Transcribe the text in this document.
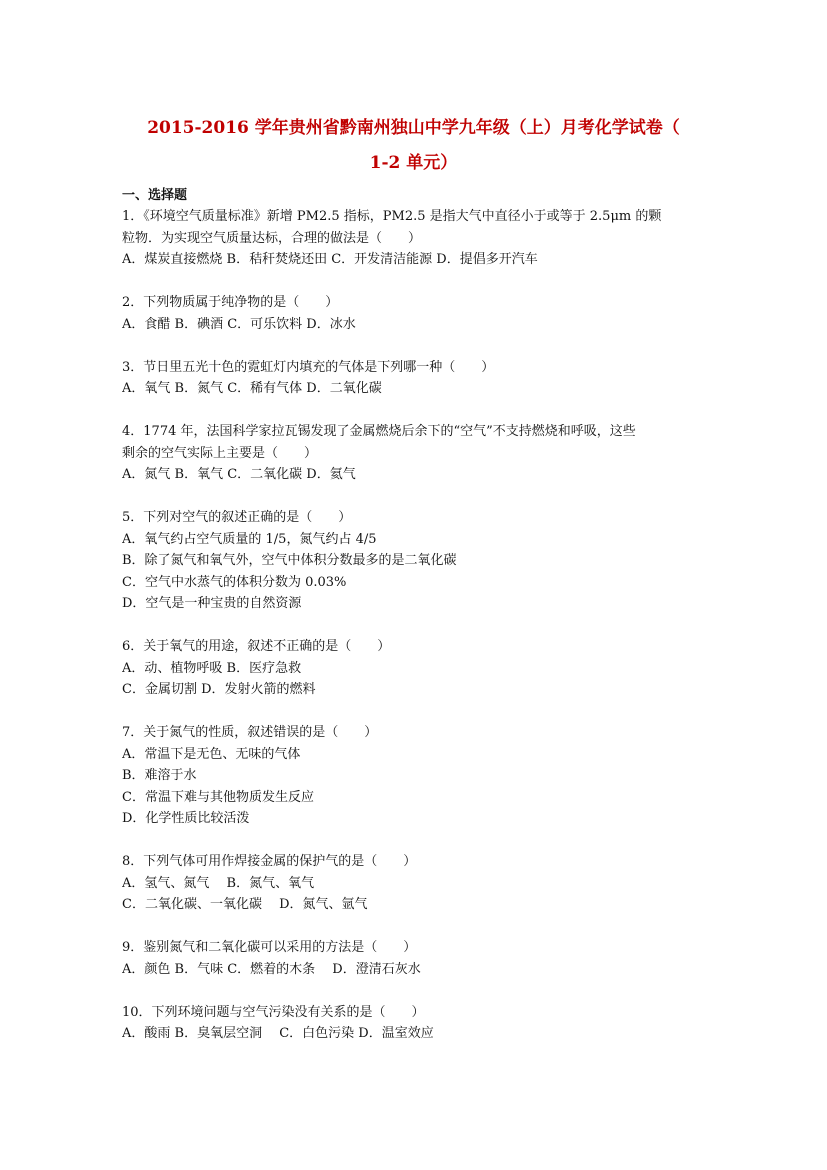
2015-2016 学年贵州省黔南州独山中学九年级（上）月考化学试卷（
1-2 单元）
一、选择题
1．《环境空气质量标准》新增 PM2.5 指标，PM2.5 是指大气中直径小于或等于 2.5μm 的颗
粒物．为实现空气质量达标，合理的做法是（　　）
A．煤炭直接燃烧 B．秸秆焚烧还田 C．开发清洁能源 D．提倡多开汽车
2．下列物质属于纯净物的是（　　）
A．食醋 B．碘酒 C．可乐饮料 D．冰水
3．节日里五光十色的霓虹灯内填充的气体是下列哪一种（　　）
A．氧气 B．氮气 C．稀有气体 D．二氧化碳
4．1774 年，法国科学家拉瓦锡发现了金属燃烧后余下的“空气”不支持燃烧和呼吸，这些
剩余的空气实际上主要是（　　）
A．氮气 B．氧气 C．二氧化碳 D．氦气
5．下列对空气的叙述正确的是（　　）
A．氧气约占空气质量的 1/5，氮气约占 4/5
B．除了氮气和氧气外，空气中体积分数最多的是二氧化碳
C．空气中水蒸气的体积分数为 0.03%
D．空气是一种宝贵的自然资源
6．关于氧气的用途，叙述不正确的是（　　）
A．动、植物呼吸 B．医疗急救
C．金属切割 D．发射火箭的燃料
7．关于氮气的性质，叙述错误的是（　　）
A．常温下是无色、无味的气体
B．难溶于水
C．常温下难与其他物质发生反应
D．化学性质比较活泼
8．下列气体可用作焊接金属的保护气的是（　　）
A．氢气、氮气　 B．氮气、氧气
C．二氧化碳、一氧化碳　 D．氮气、氩气
9．鉴别氮气和二氧化碳可以采用的方法是（　　）
A．颜色 B．气味 C．燃着的木条　 D．澄清石灰水
10．下列环境问题与空气污染没有关系的是（　　）
A．酸雨 B．臭氧层空洞　 C．白色污染 D．温室效应
